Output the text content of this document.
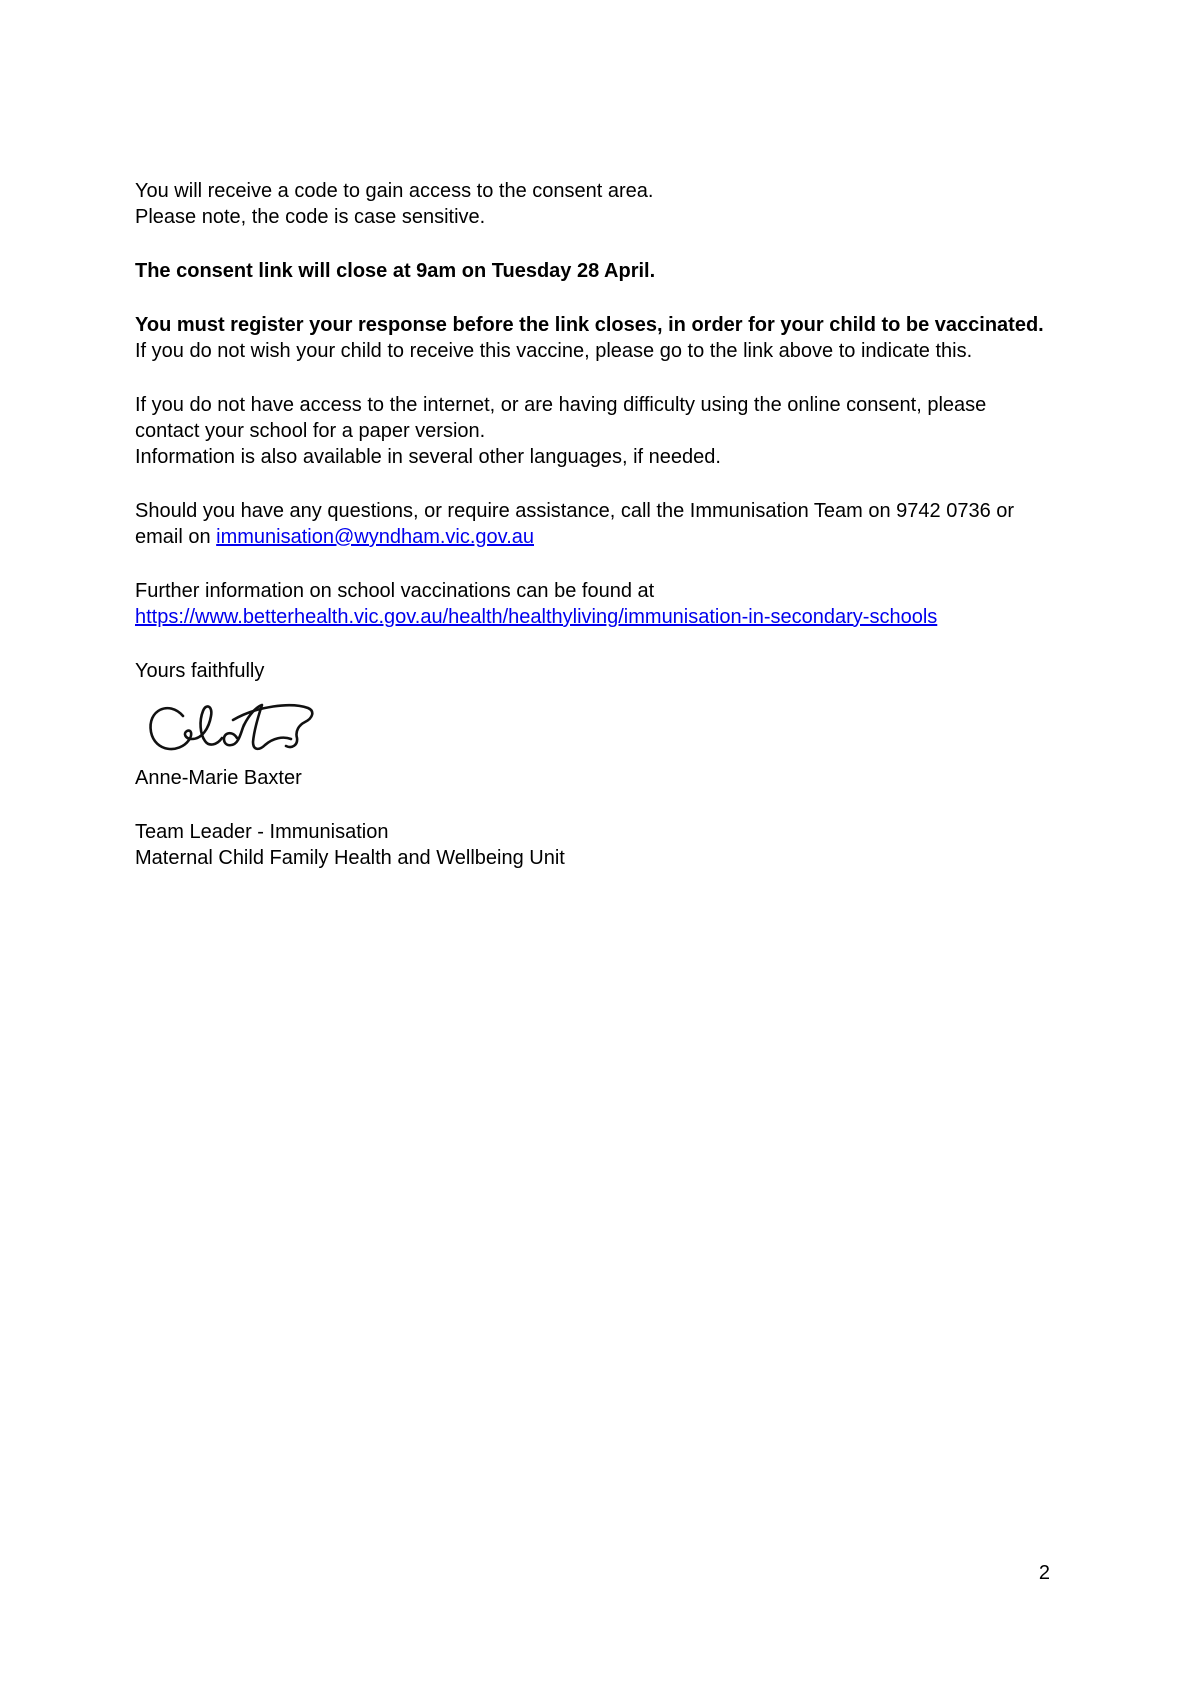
You will receive a code to gain access to the consent area.
Please note, the code is case sensitive.
The consent link will close at 9am on Tuesday 28 April.
You must register your response before the link closes, in order for your child to be vaccinated.
If you do not wish your child to receive this vaccine, please go to the link above to indicate this.
If you do not have access to the internet, or are having difficulty using the online consent, please
contact your school for a paper version.
Information is also available in several other languages, if needed.
Should you have any questions, or require assistance, call the Immunisation Team on 9742 0736 or
email on immunisation@wyndham.vic.gov.au
Further information on school vaccinations can be found at
https://www.betterhealth.vic.gov.au/health/healthyliving/immunisation-in-secondary-schools
Yours faithfully
Anne-Marie Baxter
Team Leader - Immunisation
Maternal Child Family Health and Wellbeing Unit
2
